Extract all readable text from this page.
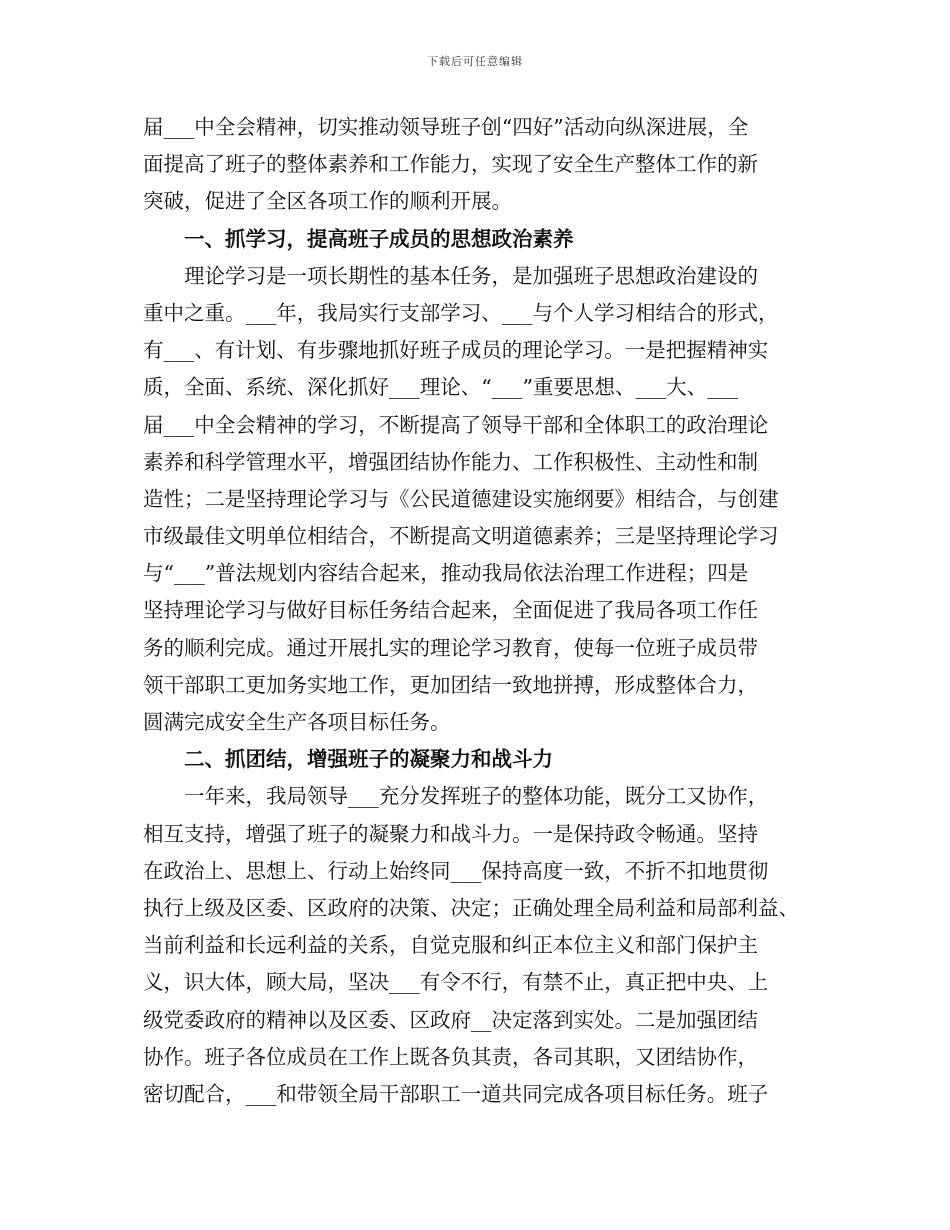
下载后可任意编辑
届___中全会精神，切实推动领导班子创“四好”活动向纵深进展，全
面提高了班子的整体素养和工作能力，实现了安全生产整体工作的新
突破，促进了全区各项工作的顺利开展。
一、抓学习，提高班子成员的思想政治素养
理论学习是一项长期性的基本任务，是加强班子思想政治建设的
重中之重。___年，我局实行支部学习、___与个人学习相结合的形式，
有___、有计划、有步骤地抓好班子成员的理论学习。一是把握精神实
质，全面、系统、深化抓好___理论、“___”重要思想、___大、___
届___中全会精神的学习，不断提高了领导干部和全体职工的政治理论
素养和科学管理水平，增强团结协作能力、工作积极性、主动性和制
造性；二是坚持理论学习与《公民道德建设实施纲要》相结合，与创建
市级最佳文明单位相结合，不断提高文明道德素养；三是坚持理论学习
与“___”普法规划内容结合起来，推动我局依法治理工作进程；四是
坚持理论学习与做好目标任务结合起来，全面促进了我局各项工作任
务的顺利完成。通过开展扎实的理论学习教育，使每一位班子成员带
领干部职工更加务实地工作，更加团结一致地拼搏，形成整体合力，
圆满完成安全生产各项目标任务。
二、抓团结，增强班子的凝聚力和战斗力
一年来，我局领导___充分发挥班子的整体功能，既分工又协作，
相互支持，增强了班子的凝聚力和战斗力。一是保持政令畅通。坚持
在政治上、思想上、行动上始终同___保持高度一致，不折不扣地贯彻
执行上级及区委、区政府的决策、决定；正确处理全局利益和局部利益、
当前利益和长远利益的关系，自觉克服和纠正本位主义和部门保护主
义，识大体，顾大局，坚决___有令不行，有禁不止，真正把中央、上
级党委政府的精神以及区委、区政府__决定落到实处。二是加强团结
协作。班子各位成员在工作上既各负其责，各司其职，又团结协作，
密切配合，___和带领全局干部职工一道共同完成各项目标任务。班子
